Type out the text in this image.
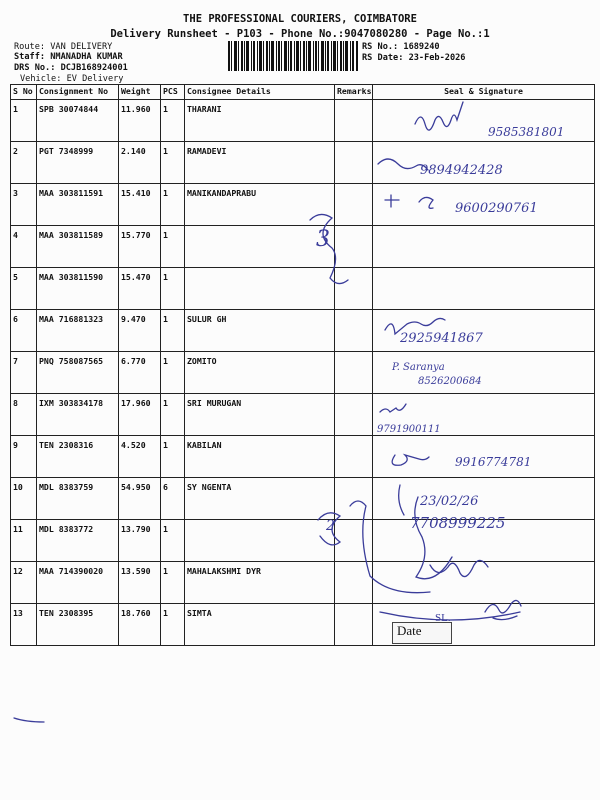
THE PROFESSIONAL COURIERS, COIMBATORE
Delivery Runsheet - P103 - Phone No.:9047080280 - Page No.:1
Route: VAN DELIVERY
Staff: NMANADHA KUMAR
DRS No.: DCJB168924001
Vehicle: EV Delivery
RS No.: 1689240
RS Date: 23-Feb-2026
S No	Consignment No	Weight	PCS	Consignee Details	Remarks	Seal & Signature
1	SPB 30074844	11.960	1	THARANI		
2	PGT 7348999	2.140	1	RAMADEVI		
3	MAA 303811591	15.410	1	MANIKANDAPRABU		
4	MAA 303811589	15.770	1			
5	MAA 303811590	15.470	1			
6	MAA 716881323	9.470	1	SULUR GH		
7	PNQ 758087565	6.770	1	ZOMITO		
8	IXM 303834178	17.960	1	SRI MURUGAN		
9	TEN 2308316	4.520	1	KABILAN		
10	MDL 8383759	54.950	6	SY NGENTA		
11	MDL 8383772	13.790	1			
12	MAA 714390020	13.590	1	MAHALAKSHMI DYR		
13	TEN 2308395	18.760	1	SIMTA		
Date
SL.
9585381801
9894942428
9600290761
3
2925941867
P. Saranya
8526200684
9791900111
9916774781
23/02/26
7708999225
2
